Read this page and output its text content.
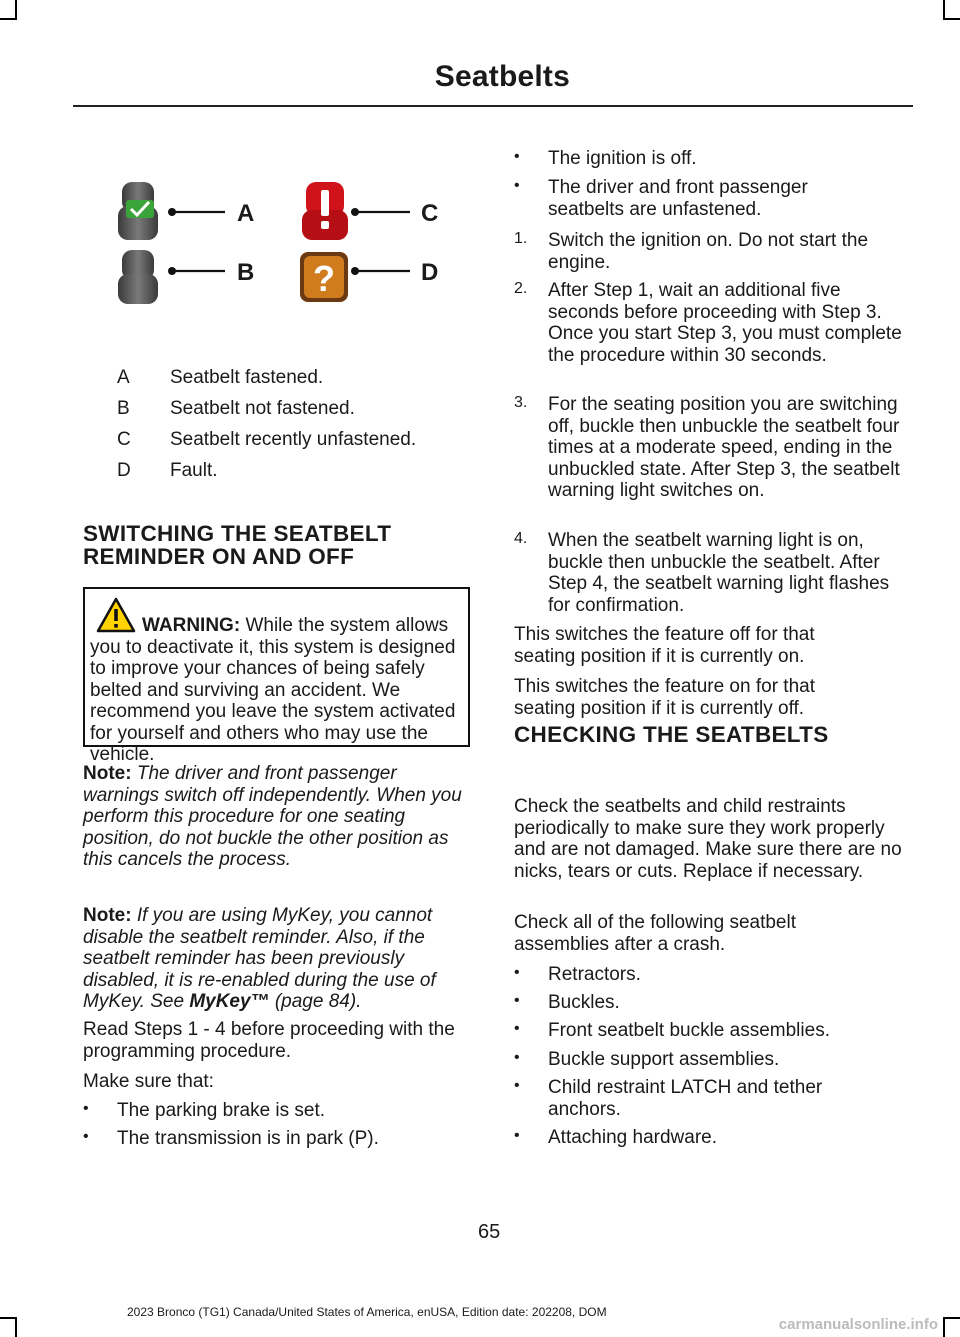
Seatbelts
?
A
B
C
D
A	Seatbelt fastened.
B	Seatbelt not fastened.
C	Seatbelt recently unfastened.
D	Fault.
SWITCHING THE SEATBELT REMINDER ON AND OFF

WARNING: While the system allows you to deactivate it, this system is designed to improve your chances of being safely belted and surviving an accident. We recommend you leave the system activated for yourself and others who may use the vehicle.

Note: The driver and front passenger warnings switch off independently. When you perform this procedure for one seating position, do not buckle the other position as this cancels the process.

Note: If you are using MyKey, you cannot disable the seatbelt reminder. Also, if the seatbelt reminder has been previously disabled, it is re-enabled during the use of MyKey. See MyKey™ (page 84).

Read Steps 1 - 4 before proceeding with the programming procedure.

Make sure that:

•	The parking brake is set.

•	The transmission is in park (P).

•	The ignition is off.

•	The driver and front passenger seatbelts are unfastened.

1.	Switch the ignition on. Do not start the engine.

2.	After Step 1, wait an additional five seconds before proceeding with Step 3. Once you start Step 3, you must complete the procedure within 30 seconds.

3.	For the seating position you are switching off, buckle then unbuckle the seatbelt four times at a moderate speed, ending in the unbuckled state. After Step 3, the seatbelt warning light switches on.

4.	When the seatbelt warning light is on, buckle then unbuckle the seatbelt. After Step 4, the seatbelt warning light flashes for confirmation.

This switches the feature off for that seating position if it is currently on.

This switches the feature on for that seating position if it is currently off.

CHECKING THE SEATBELTS

Check the seatbelts and child restraints periodically to make sure they work properly and are not damaged. Make sure there are no nicks, tears or cuts. Replace if necessary.

Check all of the following seatbelt assemblies after a crash.

•	Retractors.

•	Buckles.

•	Front seatbelt buckle assemblies.

•	Buckle support assemblies.

•	Child restraint LATCH and tether anchors.

•	Attaching hardware.

65
2023 Bronco (TG1) Canada/United States of America, enUSA, Edition date: 202208, DOM
carmanualsonline.info
